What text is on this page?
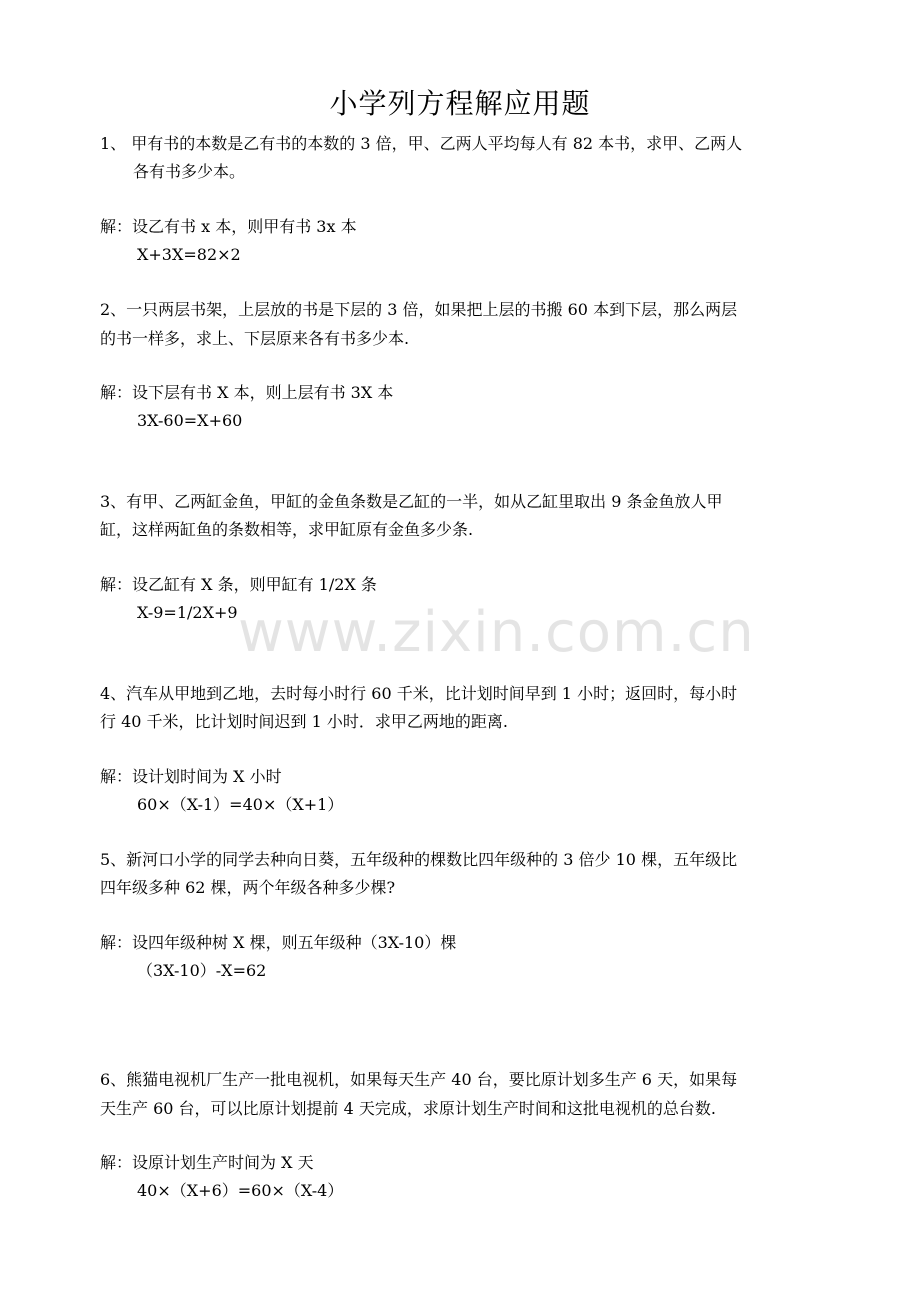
小学列方程解应用题
1、 甲有书的本数是乙有书的本数的 3 倍，甲、乙两人平均每人有 82 本书，求甲、乙两人
各有书多少本。
解：设乙有书 x 本，则甲有书 3x 本
X+3X=82×2
2、一只两层书架，上层放的书是下层的 3 倍，如果把上层的书搬 60 本到下层，那么两层
的书一样多，求上、下层原来各有书多少本.
解：设下层有书 X 本，则上层有书 3X 本
3X-60=X+60
3、有甲、乙两缸金鱼，甲缸的金鱼条数是乙缸的一半，如从乙缸里取出 9 条金鱼放人甲
缸，这样两缸鱼的条数相等，求甲缸原有金鱼多少条.
解：设乙缸有 X 条，则甲缸有 1/2X 条
X-9=1/2X+9
4、汽车从甲地到乙地，去时每小时行 60 千米，比计划时间早到 1 小时；返回时，每小时
行 40 千米，比计划时间迟到 1 小时．求甲乙两地的距离.
解：设计划时间为 X 小时
60×（X-1）=40×（X+1）
5、新河口小学的同学去种向日葵，五年级种的棵数比四年级种的 3 倍少 10 棵，五年级比
四年级多种 62 棵，两个年级各种多少棵?
解：设四年级种树 X 棵，则五年级种（3X-10）棵
（3X-10）-X=62
6、熊猫电视机厂生产一批电视机，如果每天生产 40 台，要比原计划多生产 6 天，如果每
天生产 60 台，可以比原计划提前 4 天完成，求原计划生产时间和这批电视机的总台数.
解：设原计划生产时间为 X 天
40×（X+6）=60×（X-4）
www.zixin.com.cn
